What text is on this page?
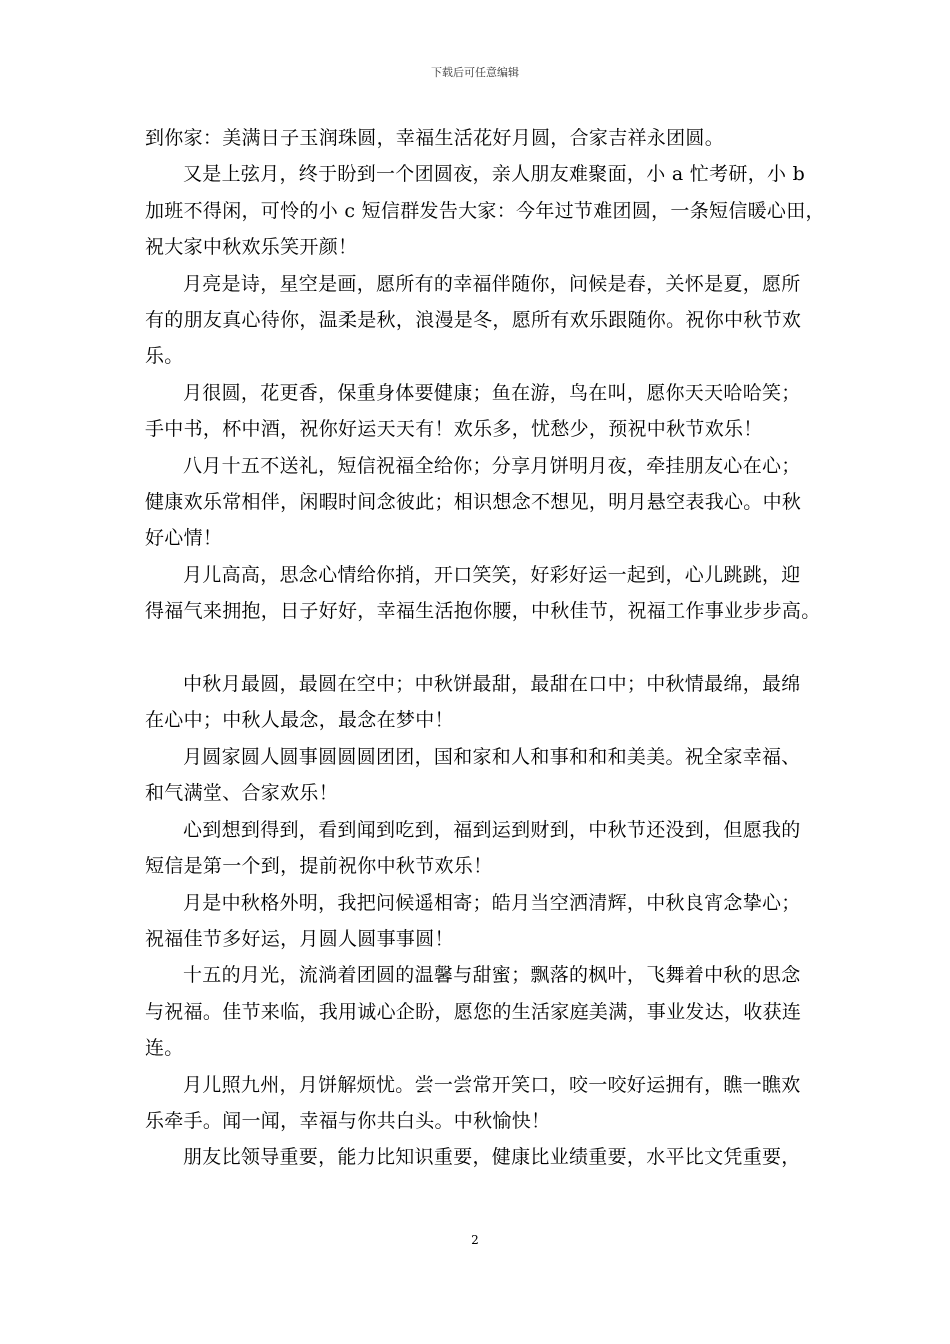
下载后可任意编辑

到你家：美满日子玉润珠圆，幸福生活花好月圆，合家吉祥永团圆。

又是上弦月，终于盼到一个团圆夜，亲人朋友难聚面，小 a 忙考研，小 b
加班不得闲，可怜的小 c 短信群发告大家：今年过节难团圆，一条短信暖心田，
祝大家中秋欢乐笑开颜！

月亮是诗，星空是画，愿所有的幸福伴随你，问候是春，关怀是夏，愿所
有的朋友真心待你，温柔是秋，浪漫是冬，愿所有欢乐跟随你。祝你中秋节欢
乐。

月很圆，花更香，保重身体要健康；鱼在游，鸟在叫，愿你天天哈哈笑；
手中书，杯中酒，祝你好运天天有！欢乐多，忧愁少，预祝中秋节欢乐！

八月十五不送礼，短信祝福全给你；分享月饼明月夜，牵挂朋友心在心；
健康欢乐常相伴，闲暇时间念彼此；相识想念不想见，明月悬空表我心。中秋
好心情！

月儿高高，思念心情给你捎，开口笑笑，好彩好运一起到，心儿跳跳，迎
得福气来拥抱，日子好好，幸福生活抱你腰，中秋佳节，祝福工作事业步步高。

中秋月最圆，最圆在空中；中秋饼最甜，最甜在口中；中秋情最绵，最绵
在心中；中秋人最念，最念在梦中！

月圆家圆人圆事圆圆圆团团，国和家和人和事和和和美美。祝全家幸福、
和气满堂、合家欢乐！

心到想到得到，看到闻到吃到，福到运到财到，中秋节还没到，但愿我的
短信是第一个到，提前祝你中秋节欢乐！

月是中秋格外明，我把问候遥相寄；皓月当空洒清辉，中秋良宵念挚心；
祝福佳节多好运，月圆人圆事事圆！

十五的月光，流淌着团圆的温馨与甜蜜；飘落的枫叶，飞舞着中秋的思念
与祝福。佳节来临，我用诚心企盼，愿您的生活家庭美满，事业发达，收获连
连。

月儿照九州，月饼解烦忧。尝一尝常开笑口，咬一咬好运拥有，瞧一瞧欢
乐牵手。闻一闻，幸福与你共白头。中秋愉快！

朋友比领导重要，能力比知识重要，健康比业绩重要，水平比文凭重要，

2
